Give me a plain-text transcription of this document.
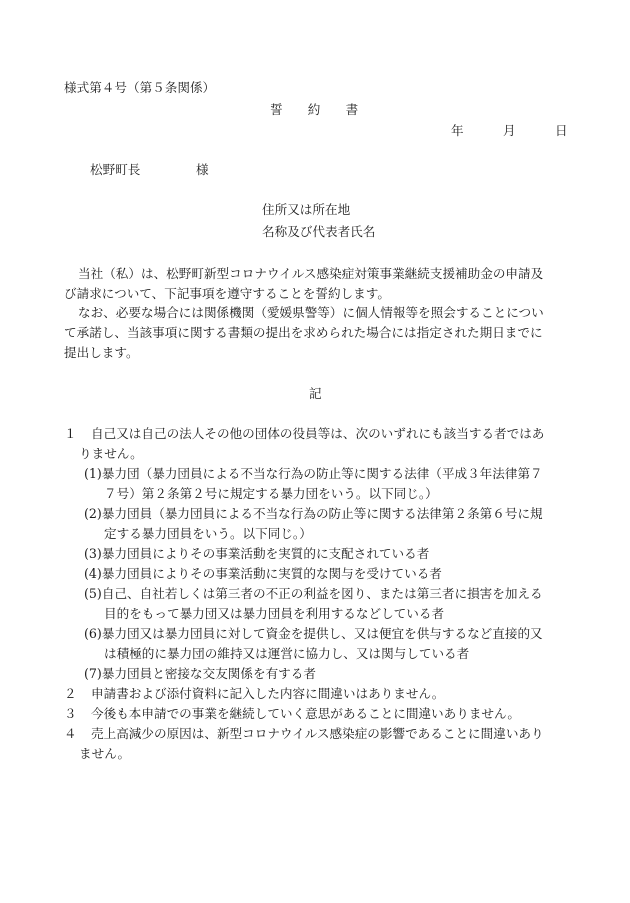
様式第４号（第５条関係）
誓　　約　　書
年	月	日
松野町長	様
住所又は所在地
名称及び代表者氏名
当社（私）は、松野町新型コロナウイルス感染症対策事業継続支援補助金の申請及
び請求について、下記事項を遵守することを誓約します。
なお、必要な場合には関係機関（愛媛県警等）に個人情報等を照会することについ
て承諾し、当該事項に関する書類の提出を求められた場合には指定された期日までに
提出します。
記
１ 自己又は自己の法人その他の団体の役員等は、次のいずれにも該当する者ではあ
りません。
(1)暴力団（暴力団員による不当な行為の防止等に関する法律（平成３年法律第７
７号）第２条第２号に規定する暴力団をいう。以下同じ。）
(2)暴力団員（暴力団員による不当な行為の防止等に関する法律第２条第６号に規
定する暴力団員をいう。以下同じ。）
(3)暴力団員によりその事業活動を実質的に支配されている者
(4)暴力団員によりその事業活動に実質的な関与を受けている者
(5)自己、自社若しくは第三者の不正の利益を図り、または第三者に損害を加える
目的をもって暴力団又は暴力団員を利用するなどしている者
(6)暴力団又は暴力団員に対して資金を提供し、又は便宜を供与するなど直接的又
は積極的に暴力団の維持又は運営に協力し、又は関与している者
(7)暴力団員と密接な交友関係を有する者
２ 申請書および添付資料に記入した内容に間違いはありません。
３ 今後も本申請での事業を継続していく意思があることに間違いありません。
４ 売上高減少の原因は、新型コロナウイルス感染症の影響であることに間違いあり
ません。
